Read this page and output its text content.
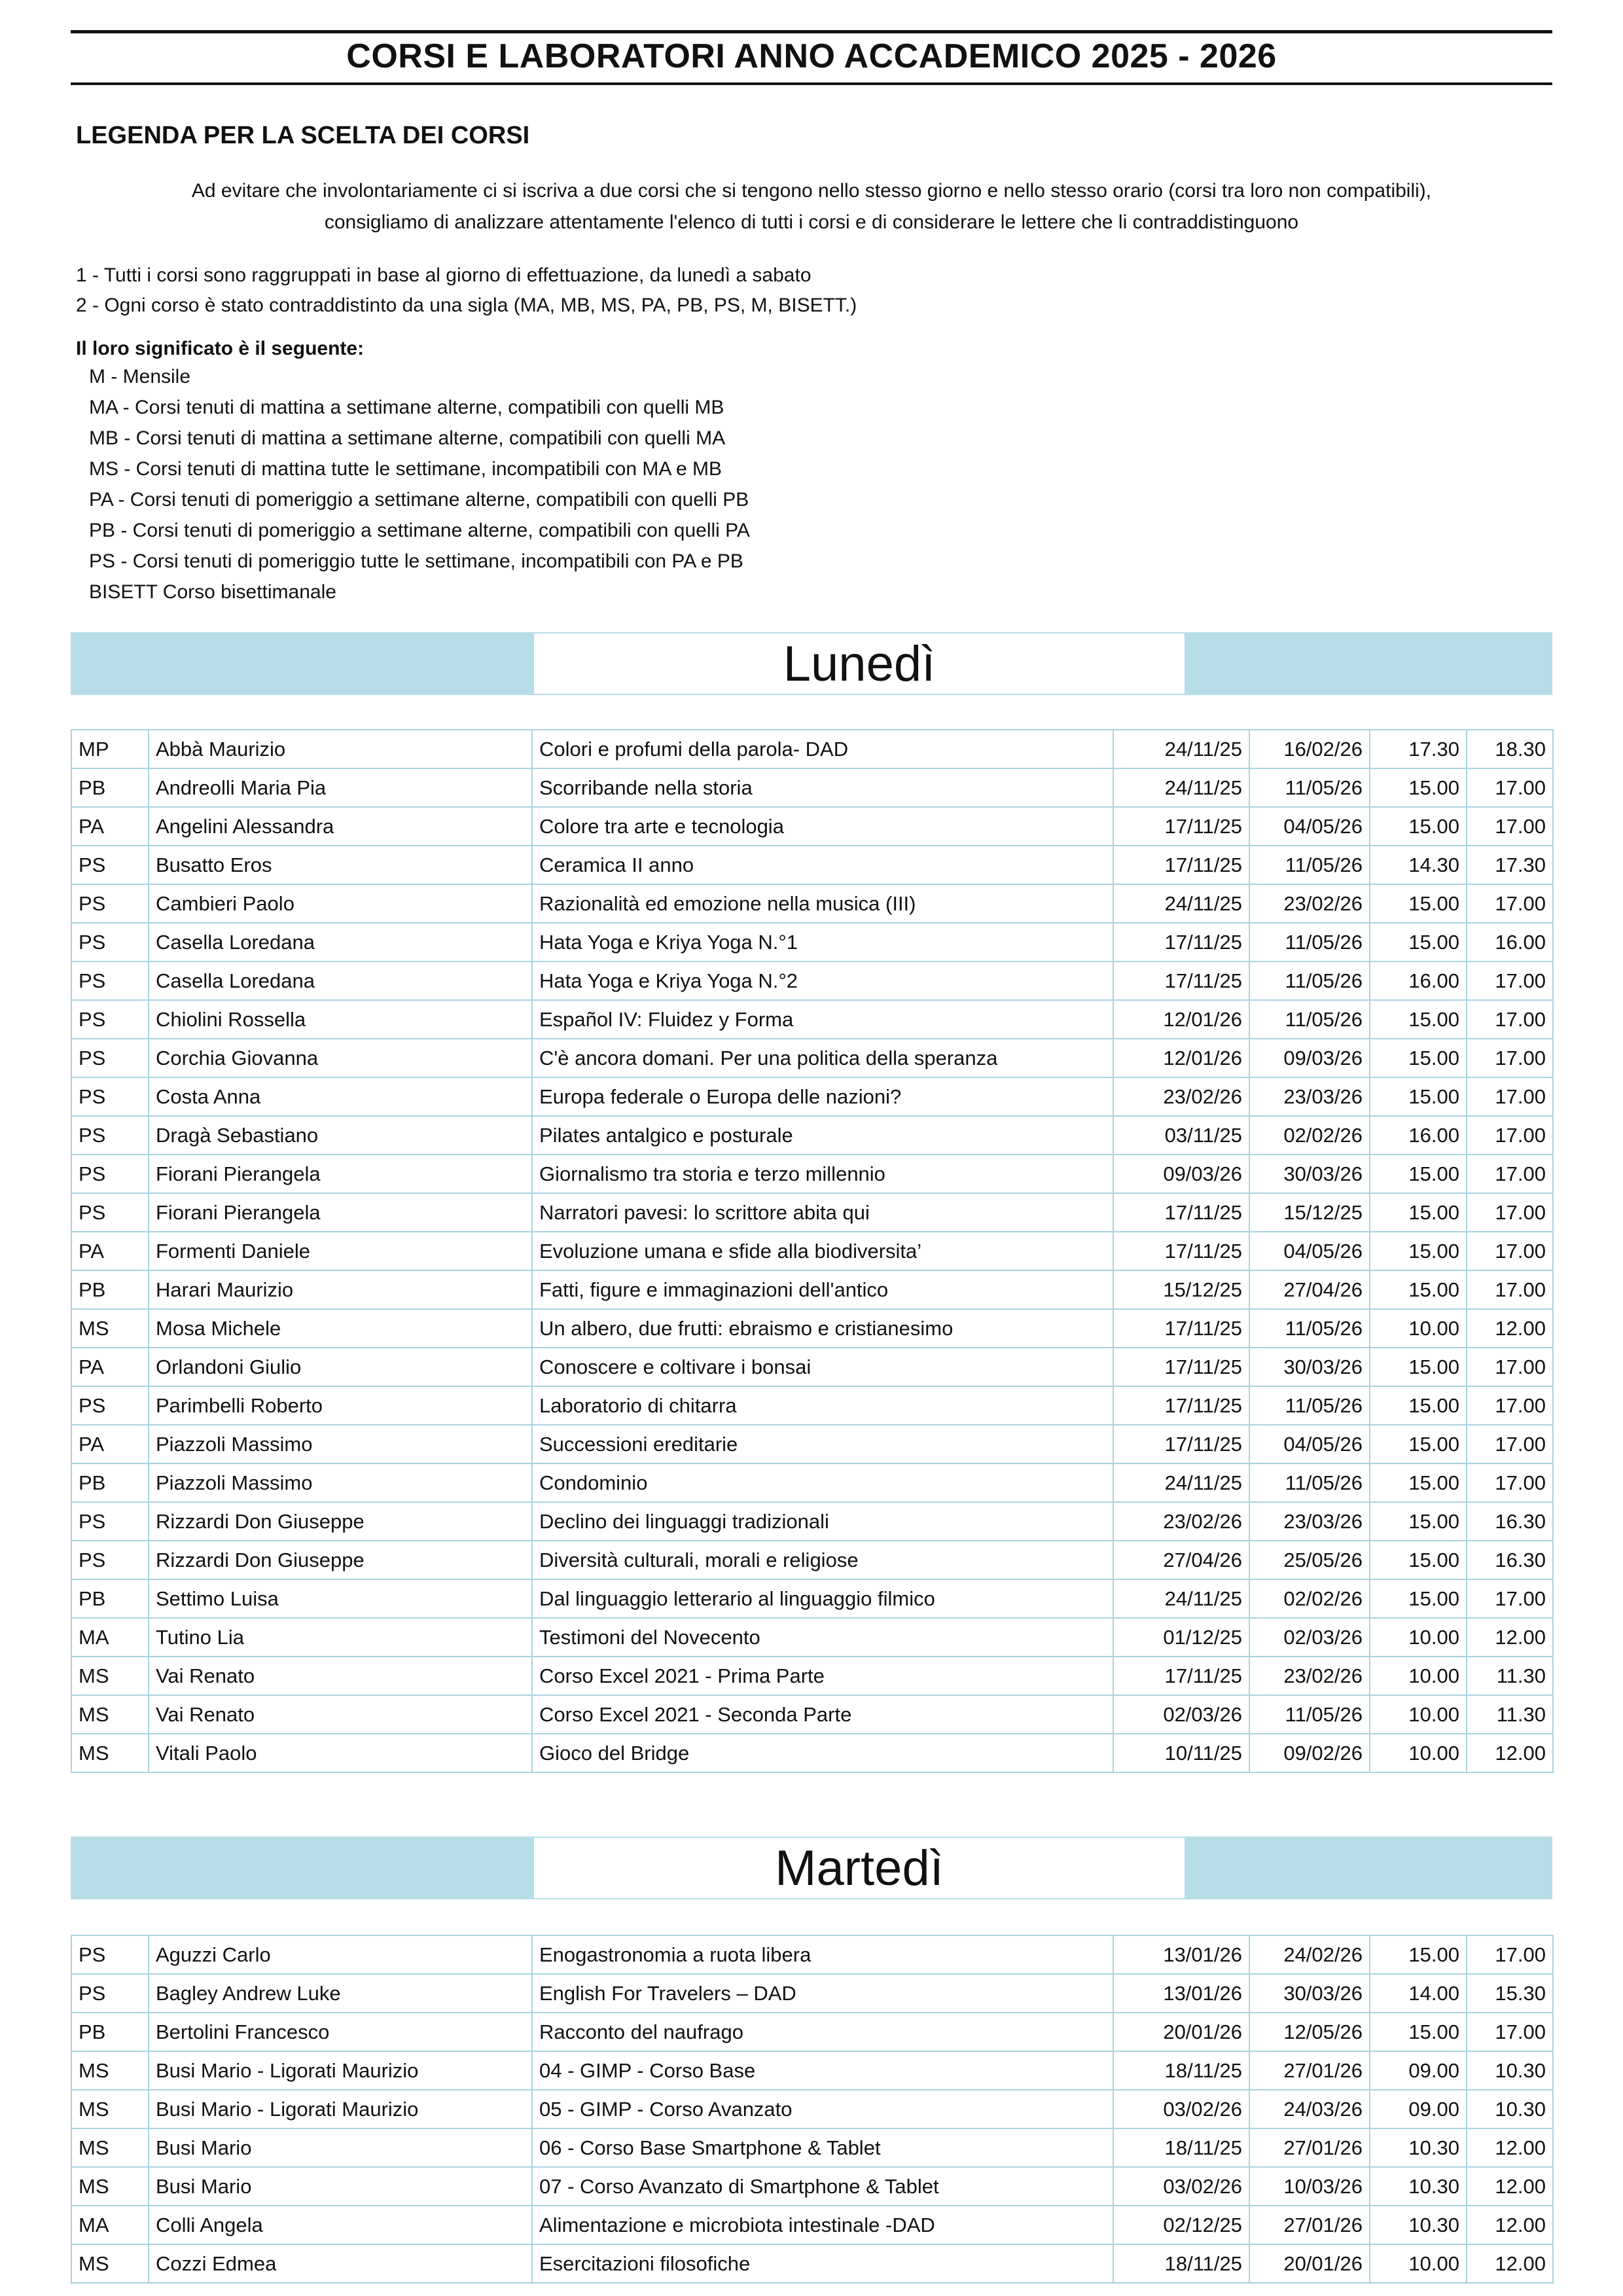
CORSI E LABORATORI ANNO ACCADEMICO 2025 - 2026
LEGENDA PER LA SCELTA DEI CORSI
Ad evitare che involontariamente ci si iscriva a due corsi che si tengono nello stesso giorno e nello stesso orario (corsi tra loro non compatibili),
consigliamo di analizzare attentamente l'elenco di tutti i corsi e di considerare le lettere che li contraddistinguono
1 - Tutti i corsi sono raggruppati in base al giorno di effettuazione, da lunedì a sabato
2 - Ogni corso è stato contraddistinto da una sigla (MA, MB, MS, PA, PB, PS, M, BISETT.)
Il loro significato è il seguente:
M - Mensile
MA - Corsi tenuti di mattina a settimane alterne, compatibili con quelli MB
MB - Corsi tenuti di mattina a settimane alterne, compatibili con quelli MA
MS - Corsi tenuti di mattina tutte le settimane, incompatibili con MA e MB
PA - Corsi tenuti di pomeriggio a settimane alterne, compatibili con quelli PB
PB - Corsi tenuti di pomeriggio a settimane alterne, compatibili con quelli PA
PS - Corsi tenuti di pomeriggio tutte le settimane, incompatibili con PA e PB
BISETT Corso bisettimanale
Lunedì
MP	Abbà Maurizio	Colori e profumi della parola- DAD	24/11/25	16/02/26	17.30	18.30
PB	Andreolli Maria Pia	Scorribande nella storia	24/11/25	11/05/26	15.00	17.00
PA	Angelini Alessandra	Colore tra arte e tecnologia	17/11/25	04/05/26	15.00	17.00
PS	Busatto Eros	Ceramica II anno	17/11/25	11/05/26	14.30	17.30
PS	Cambieri Paolo	Razionalità ed emozione nella musica (III)	24/11/25	23/02/26	15.00	17.00
PS	Casella Loredana	Hata Yoga e Kriya Yoga N.°1	17/11/25	11/05/26	15.00	16.00
PS	Casella Loredana	Hata Yoga e Kriya Yoga N.°2	17/11/25	11/05/26	16.00	17.00
PS	Chiolini Rossella	Español IV: Fluidez y Forma	12/01/26	11/05/26	15.00	17.00
PS	Corchia Giovanna	C'è ancora domani. Per una politica della speranza	12/01/26	09/03/26	15.00	17.00
PS	Costa Anna	Europa federale o Europa delle nazioni?	23/02/26	23/03/26	15.00	17.00
PS	Dragà Sebastiano	Pilates antalgico e posturale	03/11/25	02/02/26	16.00	17.00
PS	Fiorani Pierangela	Giornalismo tra storia e terzo millennio	09/03/26	30/03/26	15.00	17.00
PS	Fiorani Pierangela	Narratori pavesi: lo scrittore abita qui	17/11/25	15/12/25	15.00	17.00
PA	Formenti Daniele	Evoluzione umana e sfide alla biodiversita’	17/11/25	04/05/26	15.00	17.00
PB	Harari Maurizio	Fatti, figure e immaginazioni dell'antico	15/12/25	27/04/26	15.00	17.00
MS	Mosa Michele	Un albero, due frutti: ebraismo e cristianesimo	17/11/25	11/05/26	10.00	12.00
PA	Orlandoni Giulio	Conoscere e coltivare i bonsai	17/11/25	30/03/26	15.00	17.00
PS	Parimbelli Roberto	Laboratorio di chitarra	17/11/25	11/05/26	15.00	17.00
PA	Piazzoli Massimo	Successioni ereditarie	17/11/25	04/05/26	15.00	17.00
PB	Piazzoli Massimo	Condominio	24/11/25	11/05/26	15.00	17.00
PS	Rizzardi Don Giuseppe	Declino dei linguaggi tradizionali	23/02/26	23/03/26	15.00	16.30
PS	Rizzardi Don Giuseppe	Diversità culturali, morali e religiose	27/04/26	25/05/26	15.00	16.30
PB	Settimo Luisa	Dal linguaggio letterario al linguaggio filmico	24/11/25	02/02/26	15.00	17.00
MA	Tutino Lia	Testimoni del Novecento	01/12/25	02/03/26	10.00	12.00
MS	Vai Renato	Corso Excel 2021 - Prima Parte	17/11/25	23/02/26	10.00	11.30
MS	Vai Renato	Corso Excel 2021 - Seconda Parte	02/03/26	11/05/26	10.00	11.30
MS	Vitali Paolo	Gioco del Bridge	10/11/25	09/02/26	10.00	12.00
Martedì
PS	Aguzzi Carlo	Enogastronomia a ruota libera	13/01/26	24/02/26	15.00	17.00
PS	Bagley Andrew Luke	English For Travelers – DAD	13/01/26	30/03/26	14.00	15.30
PB	Bertolini Francesco	Racconto del naufrago	20/01/26	12/05/26	15.00	17.00
MS	Busi Mario - Ligorati Maurizio	04 - GIMP - Corso Base	18/11/25	27/01/26	09.00	10.30
MS	Busi Mario - Ligorati Maurizio	05 - GIMP - Corso Avanzato	03/02/26	24/03/26	09.00	10.30
MS	Busi Mario	06 - Corso Base Smartphone & Tablet	18/11/25	27/01/26	10.30	12.00
MS	Busi Mario	07 - Corso Avanzato di Smartphone & Tablet	03/02/26	10/03/26	10.30	12.00
MA	Colli Angela	Alimentazione e microbiota intestinale -DAD	02/12/25	27/01/26	10.30	12.00
MS	Cozzi Edmea	Esercitazioni filosofiche	18/11/25	20/01/26	10.00	12.00
